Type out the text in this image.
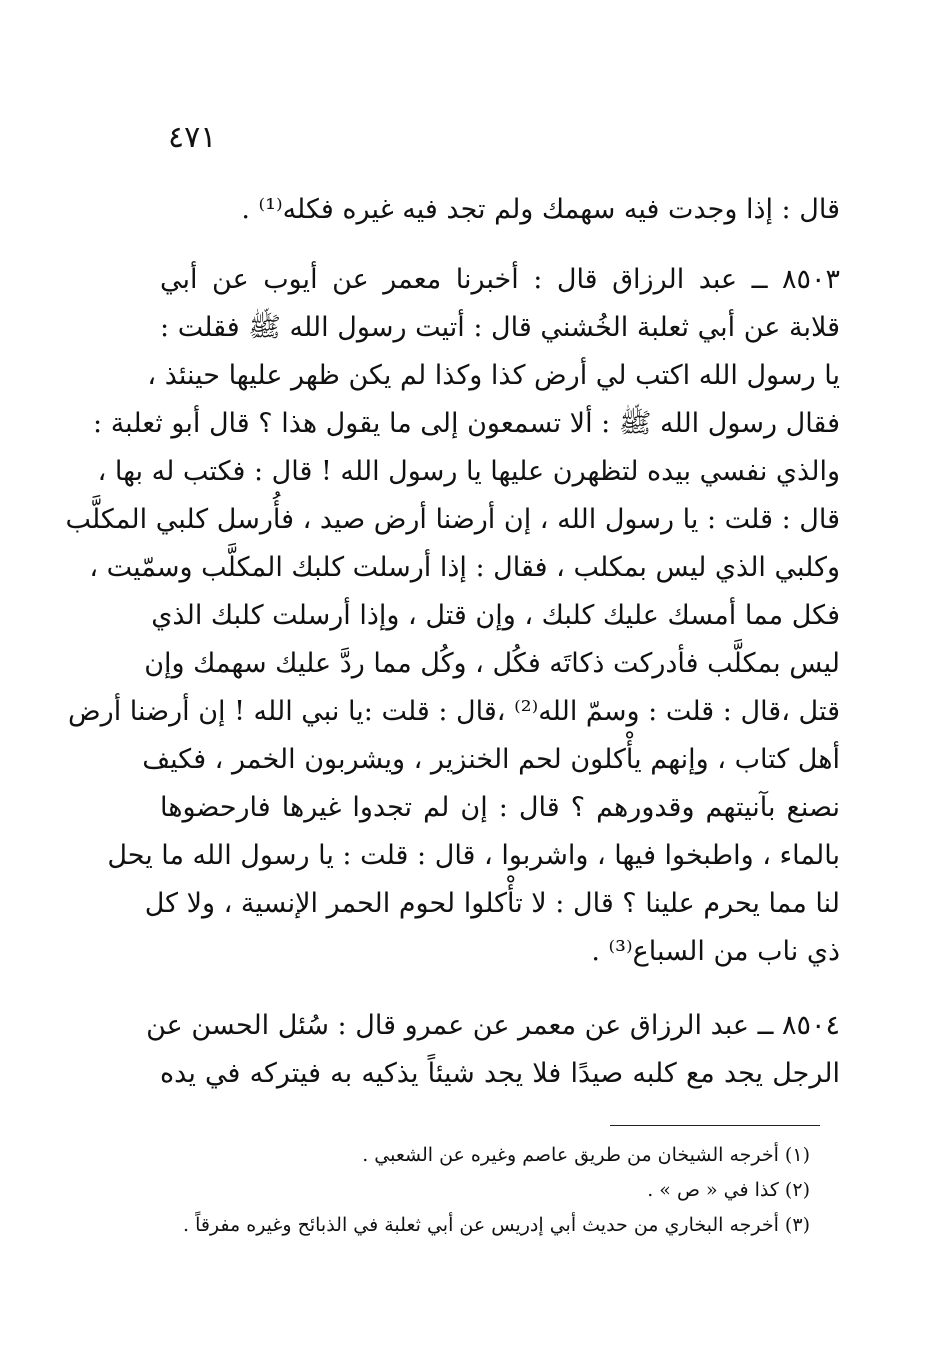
٤٧١
قال : إذا وجدت فيه سهمك ولم تجد فيه غيره فكله⁽¹⁾ .
٨٥٠٣ ــ عبد الرزاق قال : أخبرنا معمر عن أيوب عن أبي
قلابة عن أبي ثعلبة الخُشني قال : أتيت رسول الله ﷺ فقلت :
يا رسول الله اكتب لي أرض كذا وكذا لم يكن ظهر عليها حينئذ ،
فقال رسول الله ﷺ : ألا تسمعون إلى ما يقول هذا ؟ قال أبو ثعلبة :
والذي نفسي بيده لتظهرن عليها يا رسول الله ! قال : فكتب له بها ،
قال : قلت : يا رسول الله ، إن أرضنا أرض صيد ، فأُرسل كلبي المكلَّب
وكلبي الذي ليس بمكلب ، فقال : إذا أرسلت كلبك المكلَّب وسمّيت ،
فكل مما أمسك عليك كلبك ، وإن قتل ، وإذا أرسلت كلبك الذي
ليس بمكلَّب فأدركت ذكاتَه فكُل ، وكُل مما ردَّ عليك سهمك وإن
قتل ،قال : قلت : وسمّ الله⁽²⁾ ،قال : قلت :يا نبي الله ! إن أرضنا أرض
أهل كتاب ، وإنهم يأْكلون لحم الخنزير ، ويشربون الخمر ، فكيف
نصنع بآنيتهم وقدورهم ؟ قال : إن لم تجدوا غيرها فارحضوها
بالماء ، واطبخوا فيها ، واشربوا ، قال : قلت : يا رسول الله ما يحل
لنا مما يحرم علينا ؟ قال : لا تأْكلوا لحوم الحمر الإنسية ، ولا كل
ذي ناب من السباع⁽³⁾ .
٨٥٠٤ ــ عبد الرزاق عن معمر عن عمرو قال : سُئل الحسن عن
الرجل يجد مع كلبه صيدًا فلا يجد شيئاً يذكيه به فيتركه في يده
(١) أخرجه الشيخان من طريق عاصم وغيره عن الشعبي .
(٢) كذا في « ص » .
(٣) أخرجه البخاري من حديث أبي إدريس عن أبي ثعلبة في الذبائح وغيره مفرقاً .
